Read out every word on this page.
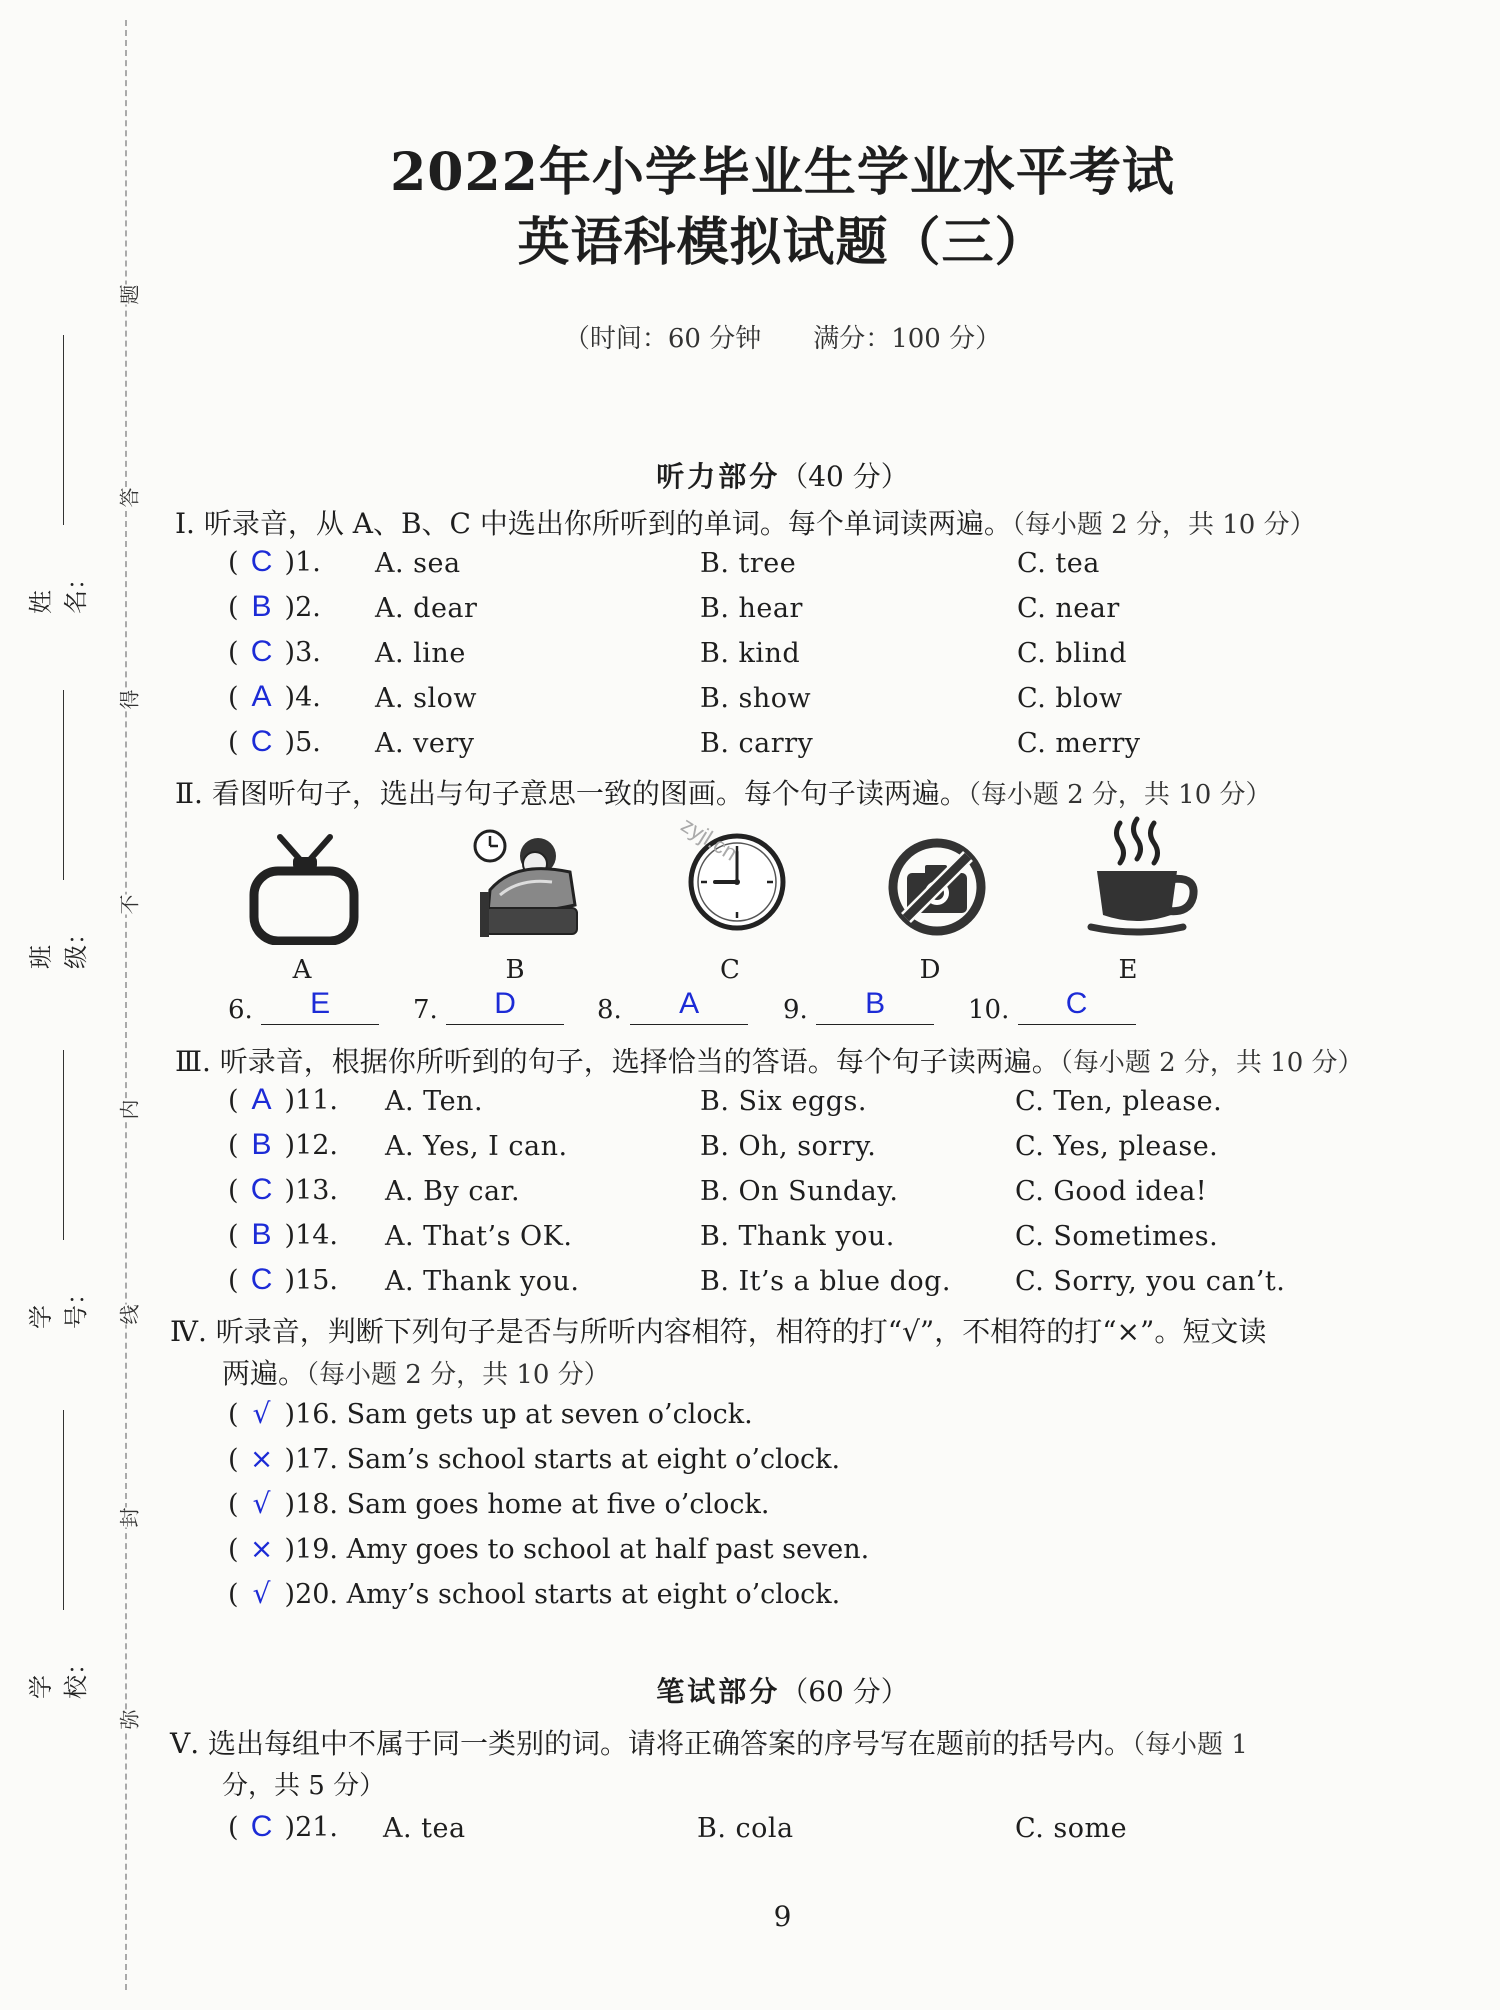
题
答
得
不
内
线
封
弥
姓名：
班级：
学号：
学校：
2022年小学毕业生学业水平考试
英语科模拟试题（三）
（时间：60 分钟　　满分：100 分）
听力部分（40 分）
Ⅰ. 听录音，从 A、B、C 中选出你所听到的单词。每个单词读两遍。（每小题 2 分，共 10 分）
( C )1. A. sea	B. tree	C. tea
( B )2. A. dear	B. hear	C. near
( C )3. A. line	B. kind	C. blind
( A )4. A. slow	B. show	C. blow
( C )5. A. very	B. carry	C. merry
Ⅱ. 看图听句子，选出与句子意思一致的图画。每个句子读两遍。（每小题 2 分，共 10 分）
zyjl.cn
A	B	C	D	E
6. E	7. D	8. A	9. B	10. C
Ⅲ. 听录音，根据你所听到的句子，选择恰当的答语。每个句子读两遍。（每小题 2 分，共 10 分）
( A )11. A. Ten.	B. Six eggs.	C. Ten, please.
( B )12. A. Yes, I can.	B. Oh, sorry.	C. Yes, please.
( C )13. A. By car.	B. On Sunday.	C. Good idea!
( B )14. A. That’s OK.	B. Thank you.	C. Sometimes.
( C )15. A. Thank you.	B. It’s a blue dog. C. Sorry, you can’t.
Ⅳ. 听录音，判断下列句子是否与所听内容相符，相符的打“√”，不相符的打“×”。短文读
两遍。（每小题 2 分，共 10 分）
( √ )16. Sam gets up at seven o’clock.
( × )17. Sam’s school starts at eight o’clock.
( √ )18. Sam goes home at five o’clock.
( × )19. Amy goes to school at half past seven.
( √ )20. Amy’s school starts at eight o’clock.
笔试部分（60 分）
Ⅴ. 选出每组中不属于同一类别的词。请将正确答案的序号写在题前的括号内。（每小题 1
分，共 5 分）
( C )21. A. tea	B. cola	C. some
9
